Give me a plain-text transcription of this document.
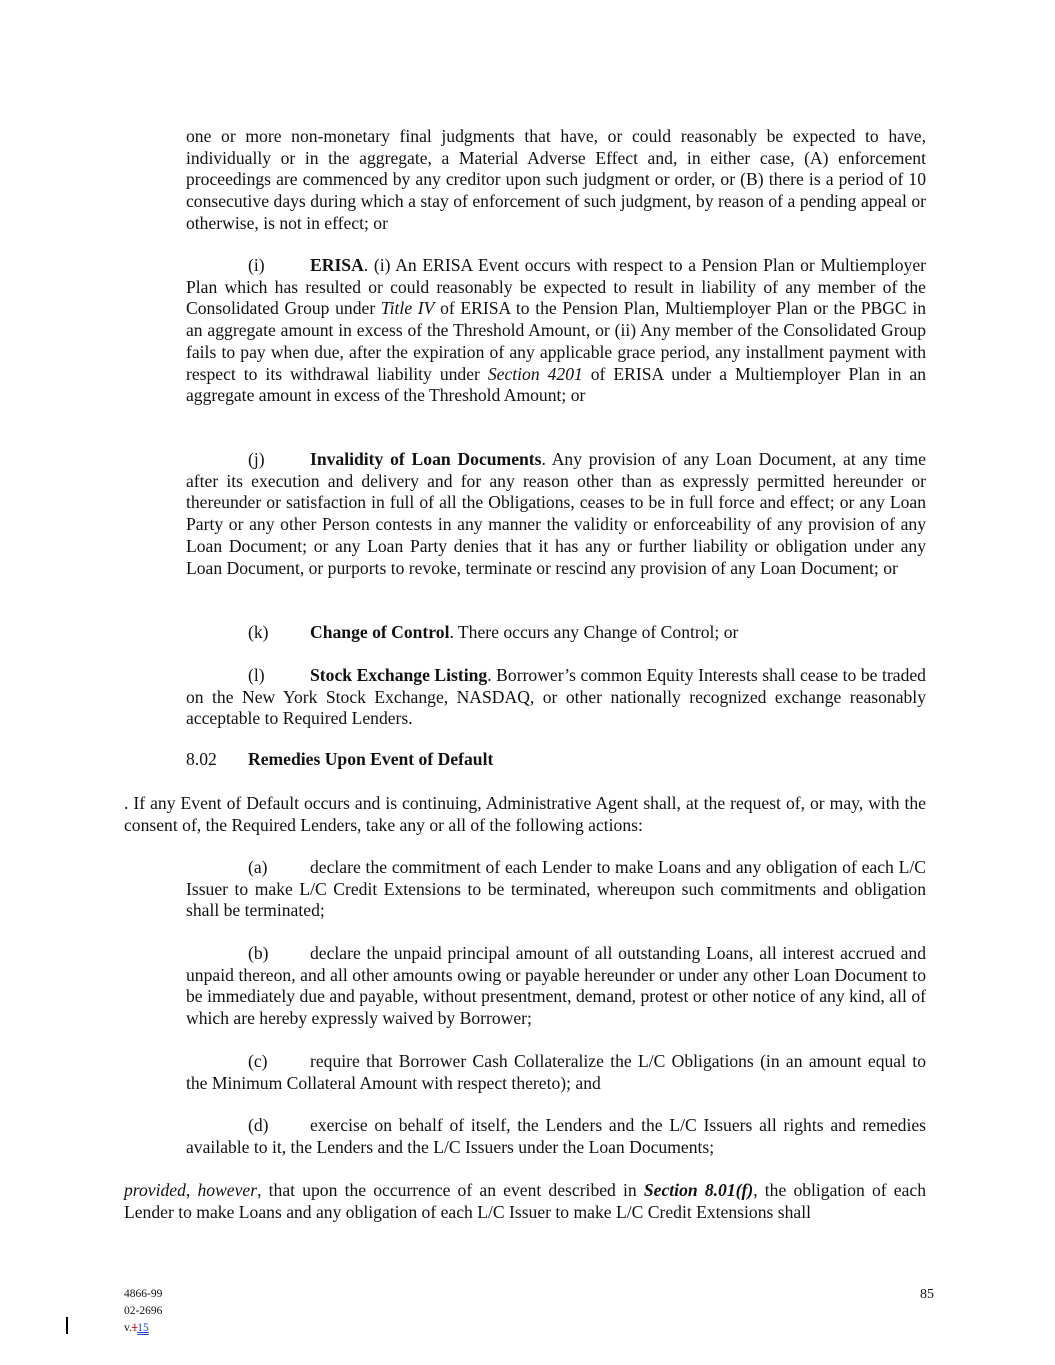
one or more non-monetary final judgments that have, or could reasonably be expected to have, individually or in the aggregate, a Material Adverse Effect and, in either case, (A) enforcement proceedings are commenced by any creditor upon such judgment or order, or (B) there is a period of 10 consecutive days during which a stay of enforcement of such judgment, by reason of a pending appeal or otherwise, is not in effect; or

(i)	ERISA. (i) An ERISA Event occurs with respect to a Pension Plan or Multiemployer Plan which has resulted or could reasonably be expected to result in liability of any member of the Consolidated Group under Title IV of ERISA to the Pension Plan, Multiemployer Plan or the PBGC in an aggregate amount in excess of the Threshold Amount, or (ii) Any member of the Consolidated Group fails to pay when due, after the expiration of any applicable grace period, any installment payment with respect to its withdrawal liability under Section 4201 of ERISA under a Multiemployer Plan in an aggregate amount in excess of the Threshold Amount; or

(j)	Invalidity of Loan Documents. Any provision of any Loan Document, at any time after its execution and delivery and for any reason other than as expressly permitted hereunder or thereunder or satisfaction in full of all the Obligations, ceases to be in full force and effect; or any Loan Party or any other Person contests in any manner the validity or enforceability of any provision of any Loan Document; or any Loan Party denies that it has any or further liability or obligation under any Loan Document, or purports to revoke, terminate or rescind any provision of any Loan Document; or

(k) Change of Control. There occurs any Change of Control; or

(l)	Stock Exchange Listing. Borrower’s common Equity Interests shall cease to be traded on the New York Stock Exchange, NASDAQ, or other nationally recognized exchange reasonably acceptable to Required Lenders.

8.02 Remedies Upon Event of Default

. If any Event of Default occurs and is continuing, Administrative Agent shall, at the request of, or may, with the consent of, the Required Lenders, take any or all of the following actions:

(a) declare the commitment of each Lender to make Loans and any obligation of each L/C Issuer to make L/C Credit Extensions to be terminated, whereupon such commitments and obligation shall be terminated;

(b) declare the unpaid principal amount of all outstanding Loans, all interest accrued and unpaid thereon, and all other amounts owing or payable hereunder or under any other Loan Document to be immediately due and payable, without presentment, demand, protest or other notice of any kind, all of which are hereby expressly waived by Borrower;

(c) require that Borrower Cash Collateralize the L/C Obligations (in an amount equal to the Minimum Collateral Amount with respect thereto); and

(d) exercise on behalf of itself, the Lenders and the L/C Issuers all rights and remedies available to it, the Lenders and the L/C Issuers under the Loan Documents;

provided, however, that upon the occurrence of an event described in Section 8.01(f), the obligation of each Lender to make Loans and any obligation of each L/C Issuer to make L/C Credit Extensions shall

4866-99
02-2696
v.115
85
